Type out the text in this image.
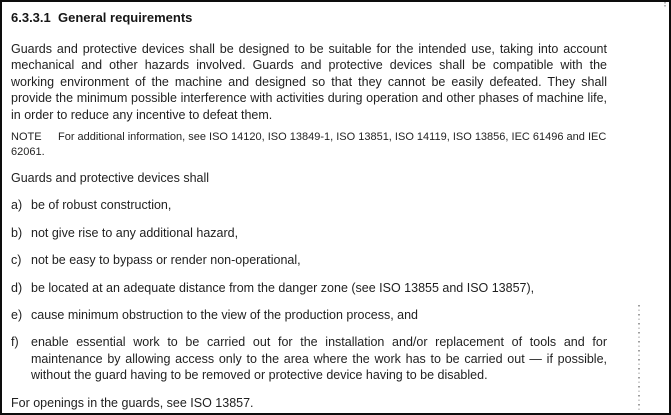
6.3.3.1 General requirements

Guards and protective devices shall be designed to be suitable for the intended use, taking into account mechanical and other hazards involved. Guards and protective devices shall be compatible with the working environment of the machine and designed so that they cannot be easily defeated. They shall provide the minimum possible interference with activities during operation and other phases of machine life, in order to reduce any incentive to defeat them.

NOTE For additional information, see ISO 14120, ISO 13849-1, ISO 13851, ISO 14119, ISO 13856, IEC 61496 and IEC 62061.

Guards and protective devices shall

a) be of robust construction,
b) not give rise to any additional hazard,
c) not be easy to bypass or render non-operational,
d) be located at an adequate distance from the danger zone (see ISO 13855 and ISO 13857),
e) cause minimum obstruction to the view of the production process, and
f) enable essential work to be carried out for the installation and/or replacement of tools and for maintenance by allowing access only to the area where the work has to be carried out — if possible, without the guard having to be removed or protective device having to be disabled.

For openings in the guards, see ISO 13857.
